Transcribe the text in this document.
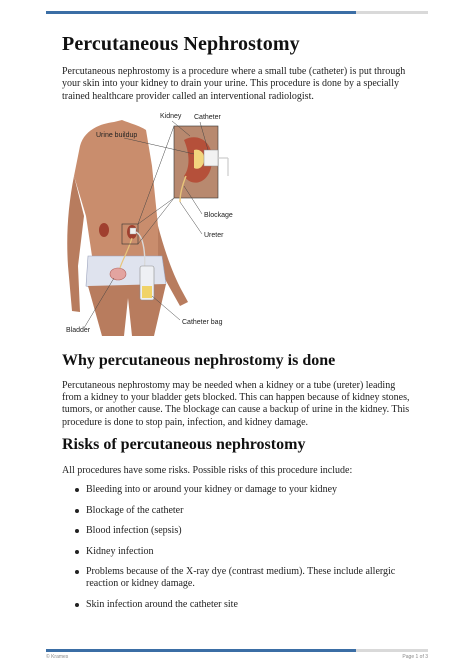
Percutaneous Nephrostomy

Percutaneous nephrostomy is a procedure where a small tube (catheter) is put through your skin into your kidney to drain your urine. This procedure is done by a specially trained healthcare provider called an interventional radiologist.

Kidney Catheter
Urine buildup
Blockage
Ureter
Catheter bag
Bladder
Why percutaneous nephrostomy is done

Percutaneous nephrostomy may be needed when a kidney or a tube (ureter) leading from a kidney to your bladder gets blocked. This can happen because of kidney stones, tumors, or another cause. The blockage can cause a backup of urine in the kidney. This procedure is done to stop pain, infection, and kidney damage.

Risks of percutaneous nephrostomy

All procedures have some risks. Possible risks of this procedure include:

Bleeding into or around your kidney or damage to your kidney
Blockage of the catheter
Blood infection (sepsis)
Kidney infection
Problems because of the X-ray dye (contrast medium). These include allergic reaction or kidney damage.
Skin infection around the catheter site
© Krames	Page 1 of 3
